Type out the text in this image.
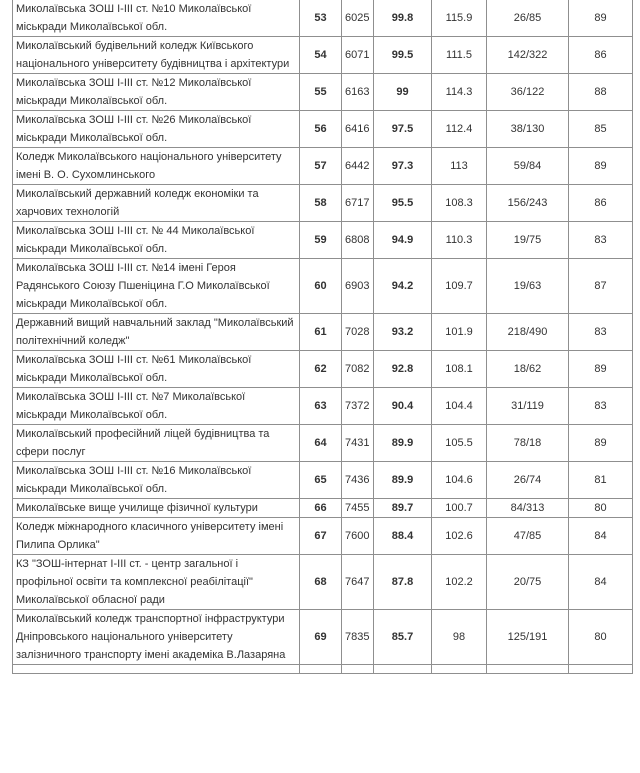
Миколаївська ЗОШ І-ІІІ ст. №10 Миколаївської міськради Миколаївської обл.	53	6025	99.8	115.9	26/85	89
Миколаївський будівельний коледж Київського національного університету будівництва і архітектури	54	6071	99.5	111.5	142/322	86
Миколаївська ЗОШ І-ІІІ ст. №12 Миколаївської міськради Миколаївської обл.	55	6163	99	114.3	36/122	88
Миколаївська ЗОШ І-ІІІ ст. №26 Миколаївської міськради Миколаївської обл.	56	6416	97.5	112.4	38/130	85
Коледж Миколаївського національного університету імені В. О. Сухомлинського	57	6442	97.3	113	59/84	89
Миколаївський державний коледж економіки та харчових технологій	58	6717	95.5	108.3	156/243	86
Миколаївська ЗОШ І-ІІІ ст. № 44 Миколаївської міськради Миколаївської обл.	59	6808	94.9	110.3	19/75	83
Миколаївська ЗОШ І-ІІІ ст. №14 імені Героя Радянського Союзу Пшеніцина Г.О Миколаївської міськради Миколаївської обл.	60	6903	94.2	109.7	19/63	87
Державний вищий навчальний заклад "Миколаївський політехнічний коледж"	61	7028	93.2	101.9	218/490	83
Миколаївська ЗОШ І-ІІІ ст. №61 Миколаївської міськради Миколаївської обл.	62	7082	92.8	108.1	18/62	89
Миколаївська ЗОШ І-ІІІ ст. №7 Миколаївської міськради Миколаївської обл.	63	7372	90.4	104.4	31/119	83
Миколаївський професійний ліцей будівництва та сфери послуг	64	7431	89.9	105.5	78/18	89
Миколаївська ЗОШ І-ІІІ ст. №16 Миколаївської міськради Миколаївської обл.	65	7436	89.9	104.6	26/74	81
Миколаївське вище училище фізичної культури	66	7455	89.7	100.7	84/313	80
Коледж міжнародного класичного університету імені Пилипа Орлика"	67	7600	88.4	102.6	47/85	84
КЗ "ЗОШ-інтернат І-ІІІ ст. - центр загальної і профільної освіти та комплексної реабілітації" Миколаївської обласної ради	68	7647	87.8	102.2	20/75	84
Миколаївський коледж транспортної інфраструктури Дніпровського національного університету залізничного транспорту імені академіка В.Лазаряна	69	7835	85.7	98	125/191	80
